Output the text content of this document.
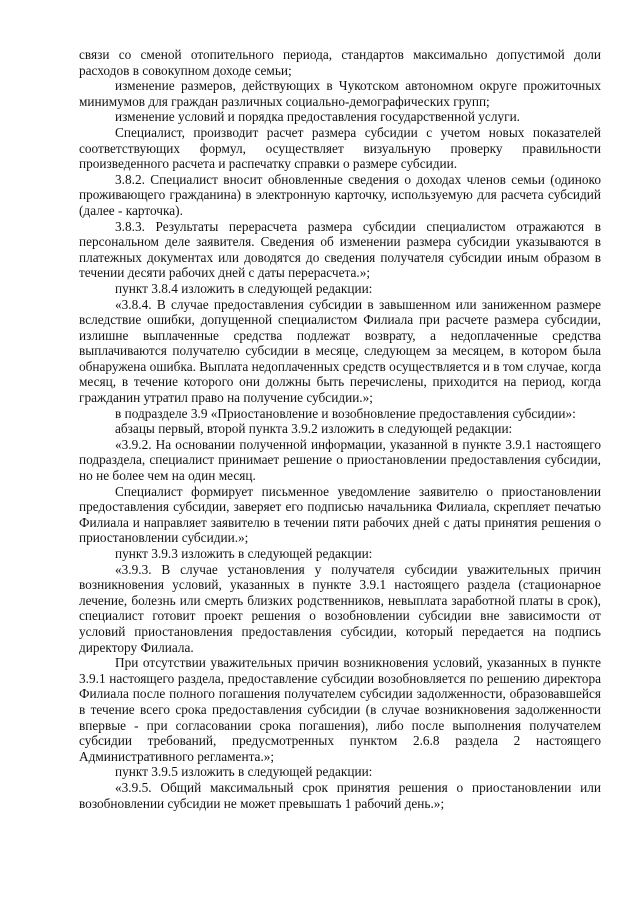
связи со сменой отопительного периода, стандартов максимально допустимой доли расходов в совокупном доходе семьи;

изменение размеров, действующих в Чукотском автономном округе прожиточных минимумов для граждан различных социально-демографических групп;

изменение условий и порядка предоставления государственной услуги.

Специалист, производит расчет размера субсидии с учетом новых показателей соответствующих формул, осуществляет визуальную проверку правильности произведенного расчета и распечатку справки о размере субсидии.

3.8.2. Специалист вносит обновленные сведения о доходах членов семьи (одиноко проживающего гражданина) в электронную карточку, используемую для расчета субсидий (далее - карточка).

3.8.3. Результаты перерасчета размера субсидии специалистом отражаются в персональном деле заявителя. Сведения об изменении размера субсидии указываются в платежных документах или доводятся до сведения получателя субсидии иным образом в течении десяти рабочих дней с даты перерасчета.»;

пункт 3.8.4 изложить в следующей редакции:

«3.8.4. В случае предоставления субсидии в завышенном или заниженном размере вследствие ошибки, допущенной специалистом Филиала при расчете размера субсидии, излишне выплаченные средства подлежат возврату, а недоплаченные средства выплачиваются получателю субсидии в месяце, следующем за месяцем, в котором была обнаружена ошибка. Выплата недоплаченных средств осуществляется и в том случае, когда месяц, в течение которого они должны быть перечислены, приходится на период, когда гражданин утратил право на получение субсидии.»;

в подразделе 3.9 «Приостановление и возобновление предоставления субсидии»:

абзацы первый, второй пункта 3.9.2 изложить в следующей редакции:

«3.9.2. На основании полученной информации, указанной в пункте 3.9.1 настоящего подраздела, специалист принимает решение о приостановлении предоставления субсидии, но не более чем на один месяц.

Специалист формирует письменное уведомление заявителю о приостановлении предоставления субсидии, заверяет его подписью начальника Филиала, скрепляет печатью Филиала и направляет заявителю в течении пяти рабочих дней с даты принятия решения о приостановлении субсидии.»;

пункт 3.9.3 изложить в следующей редакции:

«3.9.3. В случае установления у получателя субсидии уважительных причин возникновения условий, указанных в пункте 3.9.1 настоящего раздела (стационарное лечение, болезнь или смерть близких родственников, невыплата заработной платы в срок), специалист готовит проект решения о возобновлении субсидии вне зависимости от условий приостановления предоставления субсидии, который передается на подпись директору Филиала.

При отсутствии уважительных причин возникновения условий, указанных в пункте 3.9.1 настоящего раздела, предоставление субсидии возобновляется по решению директора Филиала после полного погашения получателем субсидии задолженности, образовавшейся в течение всего срока предоставления субсидии (в случае возникновения задолженности впервые - при согласовании срока погашения), либо после выполнения получателем субсидии требований, предусмотренных пунктом 2.6.8 раздела 2 настоящего Административного регламента.»;

пункт 3.9.5 изложить в следующей редакции:

«3.9.5. Общий максимальный срок принятия решения о приостановлении или возобновлении субсидии не может превышать 1 рабочий день.»;
